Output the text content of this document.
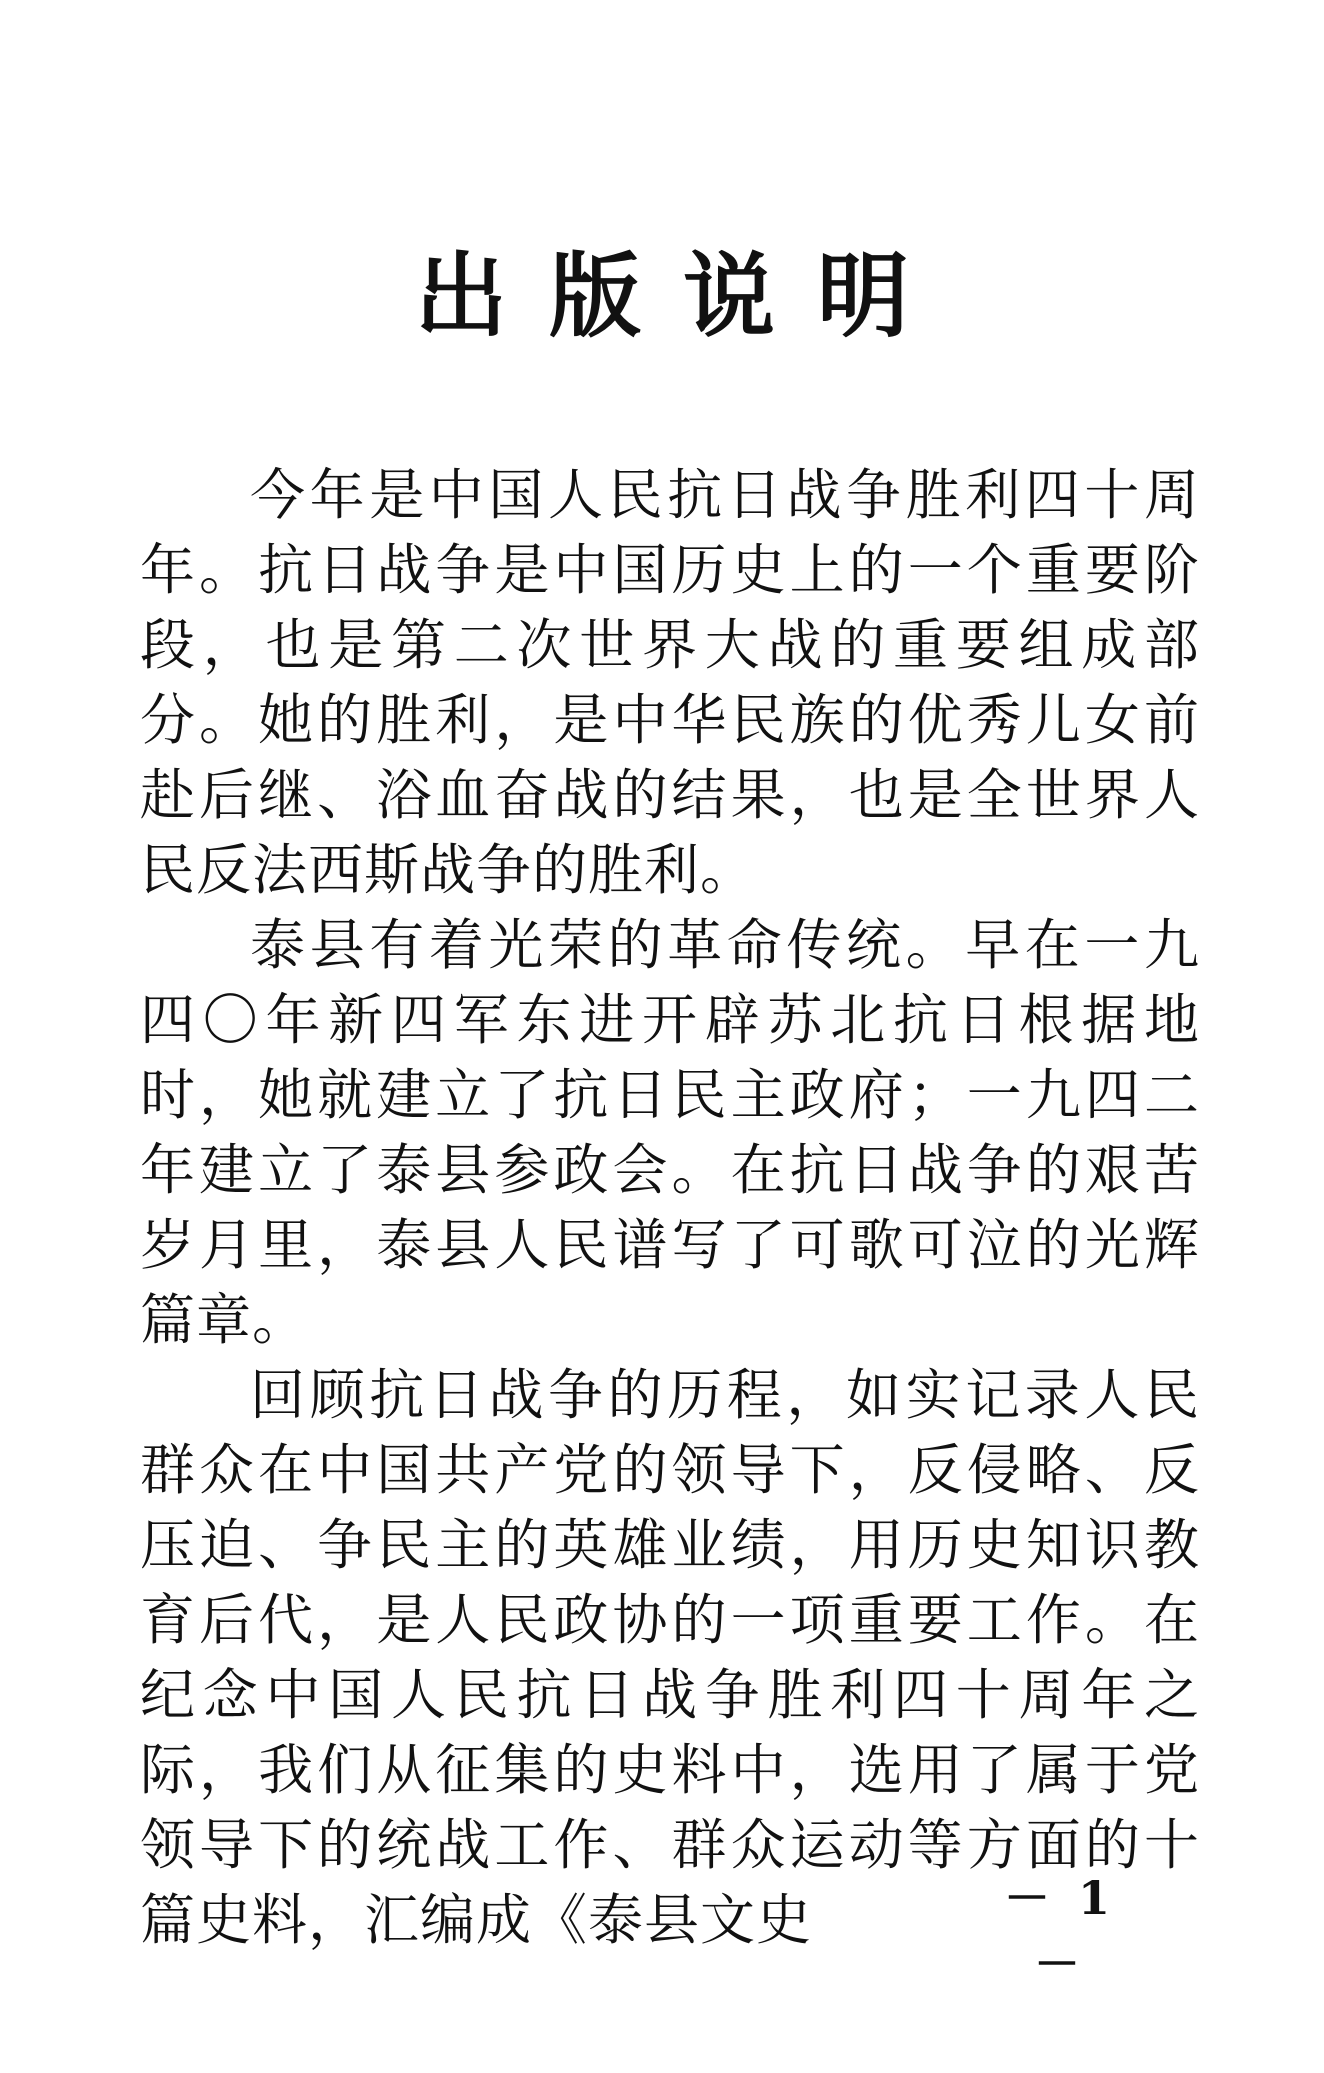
出版说明

今年是中国人民抗日战争胜利四十周年。抗日战争是中国历史上的一个重要阶段，也是第二次世界大战的重要组成部分。她的胜利，是中华民族的优秀儿女前赴后继、浴血奋战的结果，也是全世界人民反法西斯战争的胜利。

泰县有着光荣的革命传统。早在一九四〇年新四军东进开辟苏北抗日根据地时，她就建立了抗日民主政府；一九四二年建立了泰县参政会。在抗日战争的艰苦岁月里，泰县人民谱写了可歌可泣的光辉篇章。

回顾抗日战争的历程，如实记录人民群众在中国共产党的领导下，反侵略、反压迫、争民主的英雄业绩，用历史知识教育后代，是人民政协的一项重要工作。在纪念中国人民抗日战争胜利四十周年之际，我们从征集的史料中，选用了属于党领导下的统战工作、群众运动等方面的十篇史料，汇编成《泰县文史	－ 1 －
